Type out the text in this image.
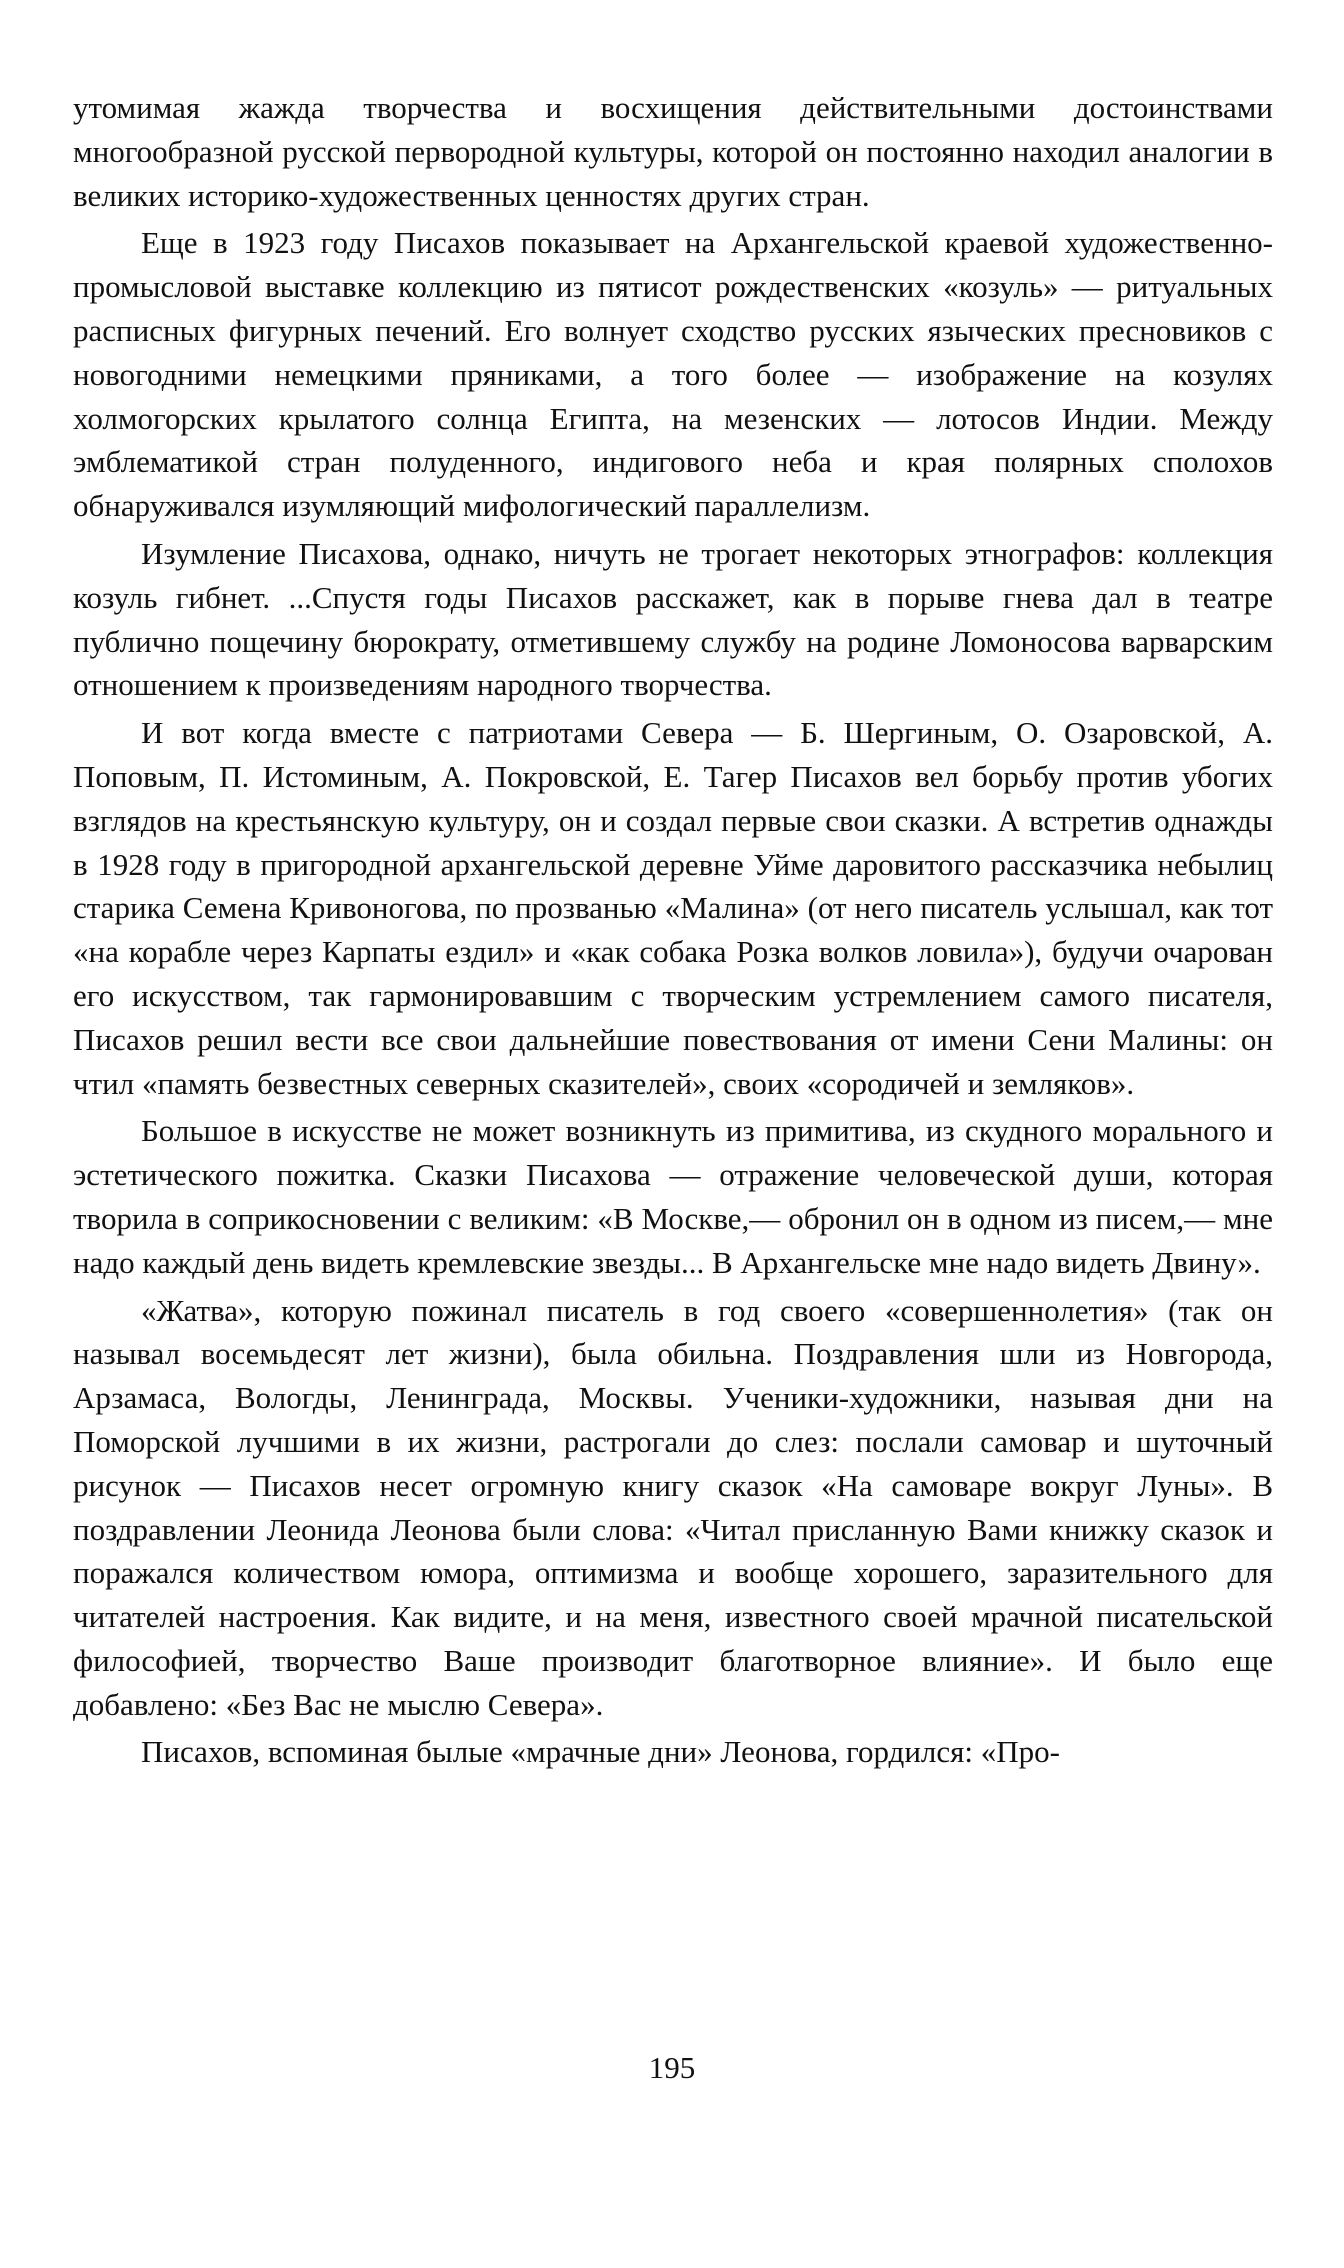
утомимая жажда творчества и восхищения действительными достоинствами многообразной русской первородной культуры, которой он постоянно находил аналогии в великих историко-художественных ценностях других стран.

Еще в 1923 году Писахов показывает на Архангельской краевой художественно-промысловой выставке коллекцию из пятисот рождественских «козуль» — ритуальных расписных фигурных печений. Его волнует сходство русских языческих пресновиков с новогодними немецкими пряниками, а того более — изображение на козулях холмогорских крылатого солнца Египта, на мезенских — лотосов Индии. Между эмблематикой стран полуденного, индигового неба и края полярных сполохов обнаруживался изумляющий мифологический параллелизм.

Изумление Писахова, однако, ничуть не трогает некоторых этнографов: коллекция козуль гибнет. ...Спустя годы Писахов расскажет, как в порыве гнева дал в театре публично пощечину бюрократу, отметившему службу на родине Ломоносова варварским отношением к произведениям народного творчества.

И вот когда вместе с патриотами Севера — Б. Шергиным, О. Озаровской, А. Поповым, П. Истоминым, А. Покровской, Е. Тагер Писахов вел борьбу против убогих взглядов на крестьянскую культуру, он и создал первые свои сказки. А встретив однажды в 1928 году в пригородной архангельской деревне Уйме даровитого рассказчика небылиц старика Семена Кривоногова, по прозванью «Малина» (от него писатель услышал, как тот «на корабле через Карпаты ездил» и «как собака Розка волков ловила»), будучи очарован его искусством, так гармонировавшим с творческим устремлением самого писателя, Писахов решил вести все свои дальнейшие повествования от имени Сени Малины: он чтил «память безвестных северных сказителей», своих «сородичей и земляков».

Большое в искусстве не может возникнуть из примитива, из скудного морального и эстетического пожитка. Сказки Писахова — отражение человеческой души, которая творила в соприкосновении с великим: «В Москве,— обронил он в одном из писем,— мне надо каждый день видеть кремлевские звезды... В Архангельске мне надо видеть Двину».

«Жатва», которую пожинал писатель в год своего «совершеннолетия» (так он называл восемьдесят лет жизни), была обильна. Поздравления шли из Новгорода, Арзамаса, Вологды, Ленинграда, Москвы. Ученики-художники, называя дни на Поморской лучшими в их жизни, растрогали до слез: послали самовар и шуточный рисунок — Писахов несет огромную книгу сказок «На самоваре вокруг Луны». В поздравлении Леонида Леонова были слова: «Читал присланную Вами книжку сказок и поражался количеством юмора, оптимизма и вообще хорошего, заразительного для читателей настроения. Как видите, и на меня, известного своей мрачной писательской философией, творчество Ваше производит благотворное влияние». И было еще добавлено: «Без Вас не мыслю Севера».

Писахов, вспоминая былые «мрачные дни» Леонова, гордился: «Про-

195
